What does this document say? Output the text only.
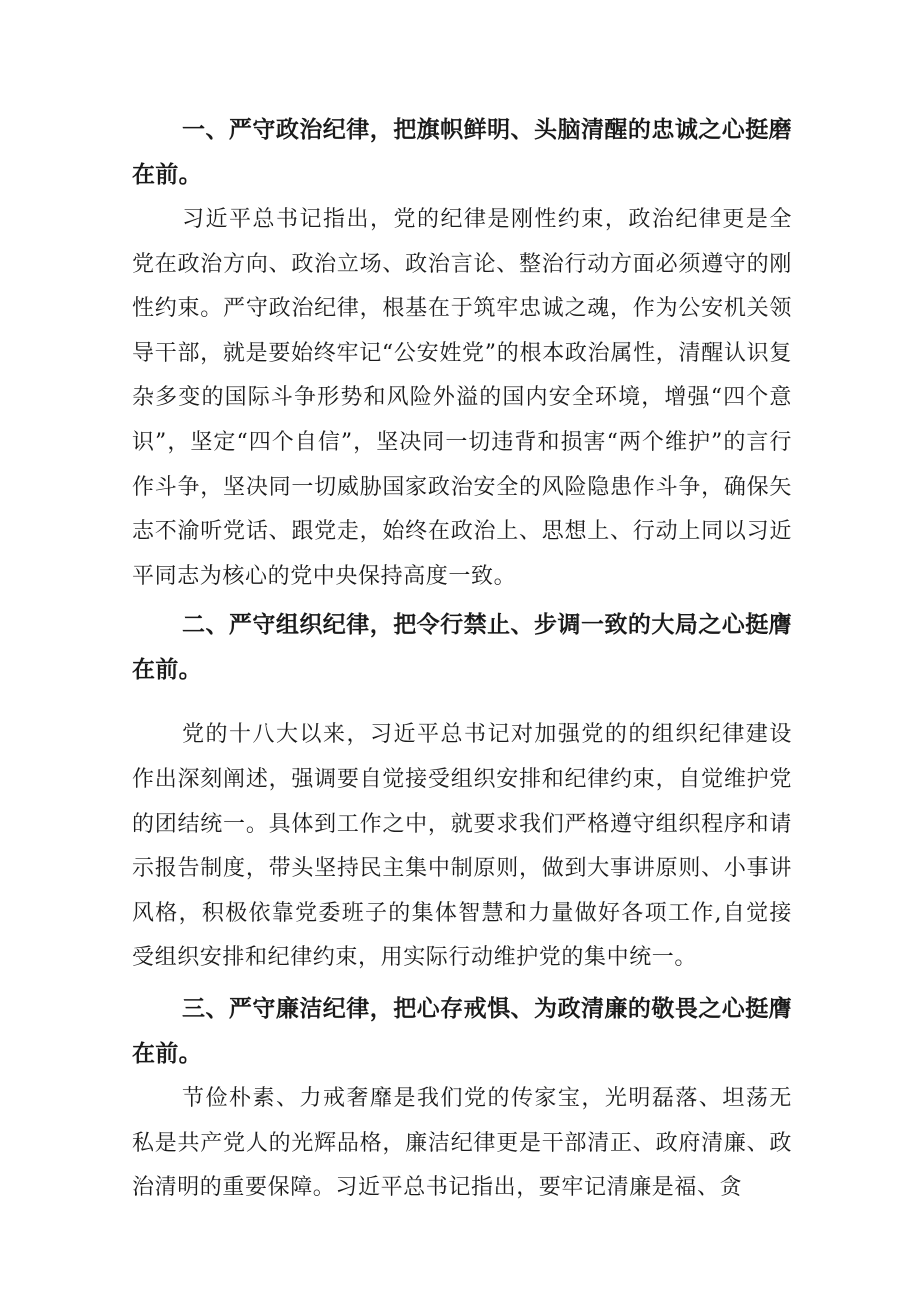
一、严守政治纪律，把旗帜鲜明、头脑清醒的忠诚之心挺磨在前。

习近平总书记指出，党的纪律是刚性约束，政治纪律更是全党在政治方向、政治立场、政治言论、整治行动方面必须遵守的刚性约束。严守政治纪律，根基在于筑牢忠诚之魂，作为公安机关领导干部，就是要始终牢记“公安姓党”的根本政治属性，清醒认识复杂多变的国际斗争形势和风险外溢的国内安全环境，增强“四个意识”，坚定“四个自信”，坚决同一切违背和损害“两个维护”的言行作斗争，坚决同一切威胁国家政治安全的风险隐患作斗争，确保矢志不渝听党话、跟党走，始终在政治上、思想上、行动上同以习近平同志为核心的党中央保持高度一致。

二、严守组织纪律，把令行禁止、步调一致的大局之心挺膺在前。

党的十八大以来，习近平总书记对加强党的的组织纪律建设作出深刻阐述，强调要自觉接受组织安排和纪律约束，自觉维护党的团结统一。具体到工作之中，就要求我们严格遵守组织程序和请示报告制度，带头坚持民主集中制原则，做到大事讲原则、小事讲风格，积极依靠党委班子的集体智慧和力量做好各项工作,自觉接受组织安排和纪律约束，用实际行动维护党的集中统一。

三、严守廉洁纪律，把心存戒惧、为政清廉的敬畏之心挺膺在前。

节俭朴素、力戒奢靡是我们党的传家宝，光明磊落、坦荡无私是共产党人的光辉品格，廉洁纪律更是干部清正、政府清廉、政治清明的重要保障。习近平总书记指出，要牢记清廉是福、贪
